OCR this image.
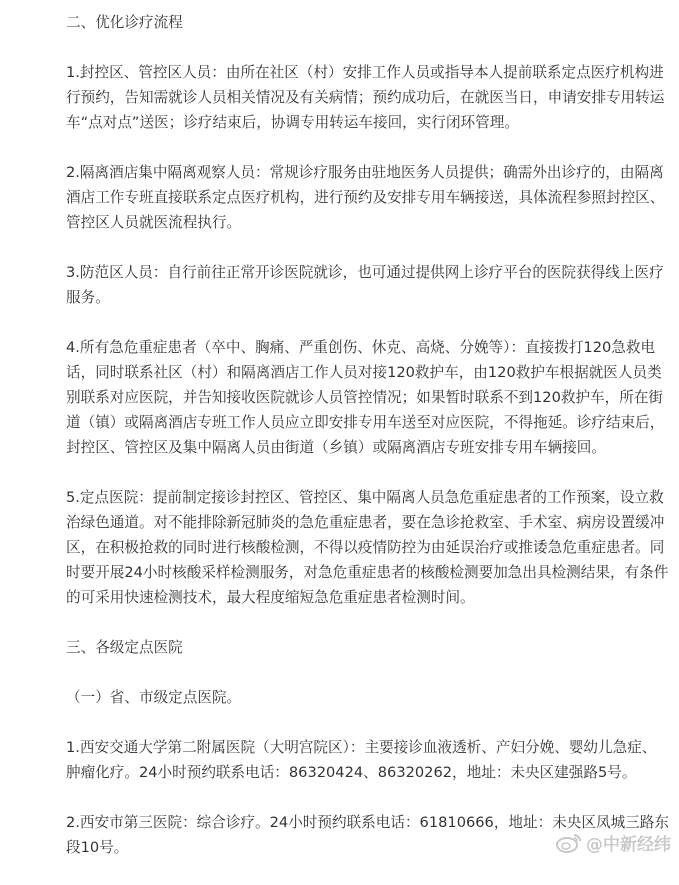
二、优化诊疗流程

1.封控区、管控区人员：由所在社区（村）安排工作人员或指导本人提前联系定点医疗机构进行预约，告知需就诊人员相关情况及有关病情；预约成功后，在就医当日，申请安排专用转运车“点对点”送医；诊疗结束后，协调专用转运车接回，实行闭环管理。

2.隔离酒店集中隔离观察人员：常规诊疗服务由驻地医务人员提供；确需外出诊疗的，由隔离酒店工作专班直接联系定点医疗机构，进行预约及安排专用车辆接送，具体流程参照封控区、管控区人员就医流程执行。

3.防范区人员：自行前往正常开诊医院就诊，也可通过提供网上诊疗平台的医院获得线上医疗服务。

4.所有急危重症患者（卒中、胸痛、严重创伤、休克、高烧、分娩等）：直接拨打120急救电话，同时联系社区（村）和隔离酒店工作人员对接120救护车，由120救护车根据就医人员类别联系对应医院，并告知接收医院就诊人员管控情况；如果暂时联系不到120救护车，所在街道（镇）或隔离酒店专班工作人员应立即安排专用车送至对应医院，不得拖延。诊疗结束后，封控区、管控区及集中隔离人员由街道（乡镇）或隔离酒店专班安排专用车辆接回。

5.定点医院：提前制定接诊封控区、管控区、集中隔离人员急危重症患者的工作预案，设立救治绿色通道。对不能排除新冠肺炎的急危重症患者，要在急诊抢救室、手术室、病房设置缓冲区，在积极抢救的同时进行核酸检测，不得以疫情防控为由延误治疗或推诿急危重症患者。同时要开展24小时核酸采样检测服务，对急危重症患者的核酸检测要加急出具检测结果，有条件的可采用快速检测技术，最大程度缩短急危重症患者检测时间。

三、各级定点医院

（一）省、市级定点医院。

1.西安交通大学第二附属医院（大明宫院区）：主要接诊血液透析、产妇分娩、婴幼儿急症、肿瘤化疗。24小时预约联系电话：86320424、86320262，地址：未央区建强路5号。

2.西安市第三医院：综合诊疗。24小时预约联系电话：61810666，地址：未央区凤城三路东段10号。	@中新经纬
